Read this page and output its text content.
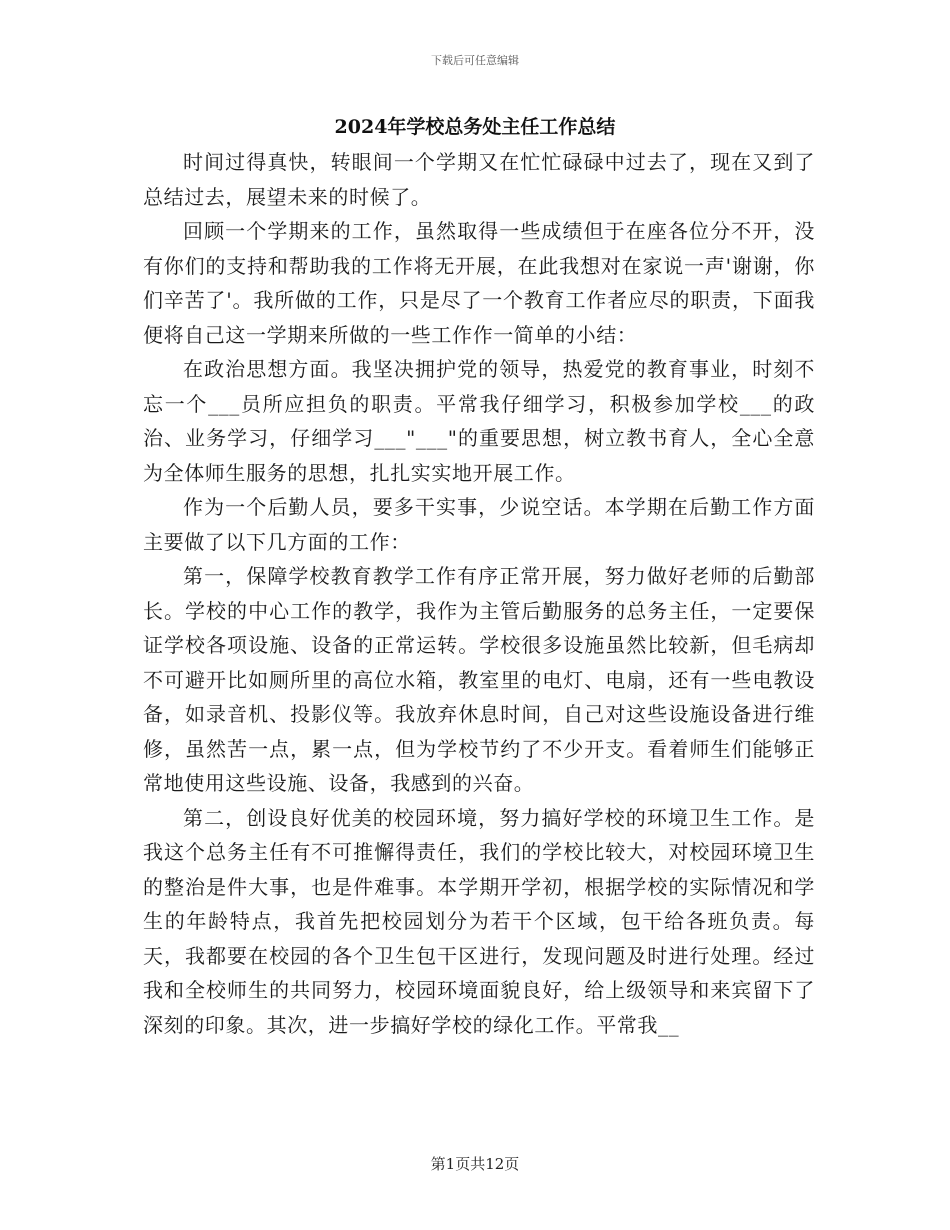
下载后可任意编辑
2024年学校总务处主任工作总结

时间过得真快，转眼间一个学期又在忙忙碌碌中过去了，现在又到了总结过去，展望未来的时候了。

回顾一个学期来的工作，虽然取得一些成绩但于在座各位分不开，没有你们的支持和帮助我的工作将无开展，在此我想对在家说一声'谢谢，你们辛苦了'。我所做的工作，只是尽了一个教育工作者应尽的职责，下面我便将自己这一学期来所做的一些工作作一简单的小结：

在政治思想方面。我坚决拥护党的领导，热爱党的教育事业，时刻不忘一个___员所应担负的职责。平常我仔细学习，积极参加学校___的政治、业务学习，仔细学习___"___"的重要思想，树立教书育人，全心全意为全体师生服务的思想，扎扎实实地开展工作。

作为一个后勤人员，要多干实事，少说空话。本学期在后勤工作方面主要做了以下几方面的工作：

第一，保障学校教育教学工作有序正常开展，努力做好老师的后勤部长。学校的中心工作的教学，我作为主管后勤服务的总务主任，一定要保证学校各项设施、设备的正常运转。学校很多设施虽然比较新，但毛病却不可避开比如厕所里的高位水箱，教室里的电灯、电扇，还有一些电教设备，如录音机、投影仪等。我放弃休息时间，自己对这些设施设备进行维修，虽然苦一点，累一点，但为学校节约了不少开支。看着师生们能够正常地使用这些设施、设备，我感到的兴奋。

第二，创设良好优美的校园环境，努力搞好学校的环境卫生工作。是我这个总务主任有不可推懈得责任，我们的学校比较大，对校园环境卫生的整治是件大事，也是件难事。本学期开学初，根据学校的实际情况和学生的年龄特点，我首先把校园划分为若干个区域，包干给各班负责。每天，我都要在校园的各个卫生包干区进行，发现问题及时进行处理。经过我和全校师生的共同努力，校园环境面貌良好，给上级领导和来宾留下了深刻的印象。其次，进一步搞好学校的绿化工作。平常我__

第1页共12页
